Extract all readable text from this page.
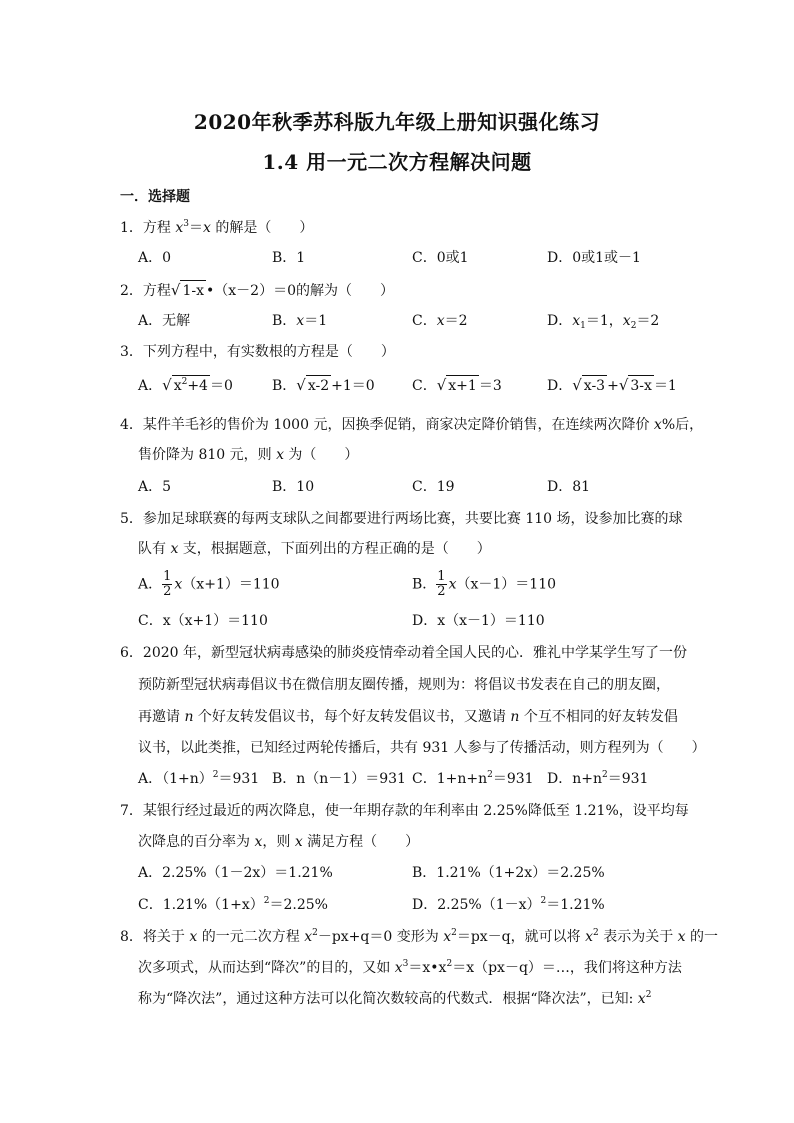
2020年秋季苏科版九年级上册知识强化练习
1.4 用一元二次方程解决问题
一．选择题
1．方程 $x^3=x$ 的解是（　　）
A．0	B．1	C．0或1	D．0或1或－1
2．方程√ 1-x •（x－2）＝0的解为（　　）
A．无解	B．x＝1	C．x＝2	D．$x_1=1$，$x_2=2$
3．下列方程中，有实数根的方程是（　　）
A．√ $x^2+4 =0$	B．√ x-2 +1＝0	C．√ x+1 ＝3	D．√ x-3 +√ 3-x ＝1
4．某件羊毛衫的售价为 1000 元，因换季促销，商家决定降价销售，在连续两次降价 x%后，
售价降为 810 元，则 x 为（　　）
A．5	B．10	C．19	D．81
5．参加足球联赛的每两支球队之间都要进行两场比赛，共要比赛 110 场，设参加比赛的球
队有 x 支，根据题意，下面列出的方程正确的是（　　）
A． $\frac{1}{2} x(x+1)=110$	B． $\frac{1}{2} x(x-1)=110$
C．x（x+1）＝110	D．x（x－1）＝110
6．2020 年，新型冠状病毒感染的肺炎疫情牵动着全国人民的心．雅礼中学某学生写了一份
预防新型冠状病毒倡议书在微信朋友圈传播，规则为：将倡议书发表在自己的朋友圈，
再邀请 n 个好友转发倡议书，每个好友转发倡议书，又邀请 n 个互不相同的好友转发倡
议书，以此类推，已知经过两轮传播后，共有 931 人参与了传播活动，则方程列为（　　）
A．$(1+n)^2=931$ B．n（n－1）＝931 C．$1+n+n^2=931$ D．$n+n^2=931$
7．某银行经过最近的两次降息，使一年期存款的年利率由 2.25%降低至 1.21%，设平均每
次降息的百分率为 x，则 x 满足方程（　　）
A．2.25%（1－2x）＝1.21%	B．1.21%（1+2x）＝2.25%
C．$1.21\%(1+x)^2=2.25\%$	D．$2.25\%(1-x)^2=1.21\%$
8．将关于 x 的一元二次方程 $x^2-px+q=0$ 变形为 $x^2=px-q$，就可以将 $x^2$ 表示为关于 x 的一
次多项式，从而达到“降次”的目的，又如 $x^3=x•x^2=x(px-q)=\dots$，我们将这种方法
称为“降次法”，通过这种方法可以化简次数较高的代数式．根据“降次法”，已知: $x^2$
